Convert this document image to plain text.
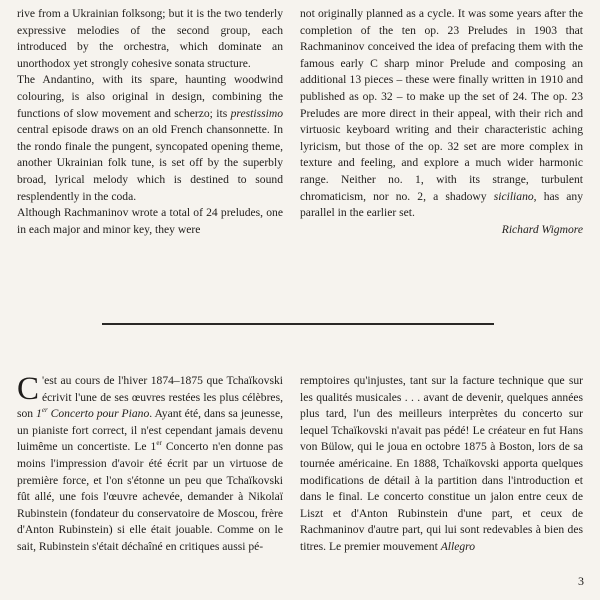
rive from a Ukrainian folksong; but it is the two tenderly expressive melodies of the second group, each introduced by the orchestra, which dominate an unorthodox yet strongly cohesive sonata structure.

The Andantino, with its spare, haunting woodwind colouring, is also original in design, combining the functions of slow movement and scherzo; its prestissimo central episode draws on an old French chansonnette. In the rondo finale the pungent, syncopated opening theme, another Ukrainian folk tune, is set off by the superbly broad, lyrical melody which is destined to sound resplendently in the coda.

Although Rachmaninov wrote a total of 24 preludes, one in each major and minor key, they were

not originally planned as a cycle. It was some years after the completion of the ten op. 23 Preludes in 1903 that Rachmaninov conceived the idea of prefacing them with the famous early C sharp minor Prelude and composing an additional 13 pieces – these were finally written in 1910 and published as op. 32 – to make up the set of 24. The op. 23 Preludes are more direct in their appeal, with their rich and virtuosic keyboard writing and their characteristic aching lyricism, but those of the op. 32 set are more complex in texture and feeling, and explore a much wider harmonic range. Neither no. 1, with its strange, turbulent chromaticism, nor no. 2, a shadowy siciliano, has any parallel in the earlier set.

Richard Wigmore

C 'est au cours de l'hiver 1874–1875 que Tchaïkovski écrivit l'une de ses œuvres restées les plus célèbres, son 1er Concerto pour Piano. Ayant été, dans sa jeunesse, un pianiste fort correct, il n'est cependant jamais devenu luimême un concertiste. Le 1er Concerto n'en donne pas moins l'impression d'avoir été écrit par un virtuose de première force, et l'on s'étonne un peu que Tchaïkovski fût allé, une fois l'œuvre achevée, demander à Nikolaï Rubinstein (fondateur du conservatoire de Moscou, frère d'Anton Rubinstein) si elle était jouable. Comme on le sait, Rubinstein s'était déchaîné en critiques aussi pé-

remptoires qu'injustes, tant sur la facture technique que sur les qualités musicales . . . avant de devenir, quelques années plus tard, l'un des meilleurs interprètes du concerto sur lequel Tchaïkovski n'avait pas pédé! Le créateur en fut Hans von Bülow, qui le joua en octobre 1875 à Boston, lors de sa tournée américaine. En 1888, Tchaïkovski apporta quelques modifications de détail à la partition dans l'introduction et dans le final. Le concerto constitue un jalon entre ceux de Liszt et d'Anton Rubinstein d'une part, et ceux de Rachmaninov d'autre part, qui lui sont redevables à bien des titres. Le premier mouvement Allegro

3
